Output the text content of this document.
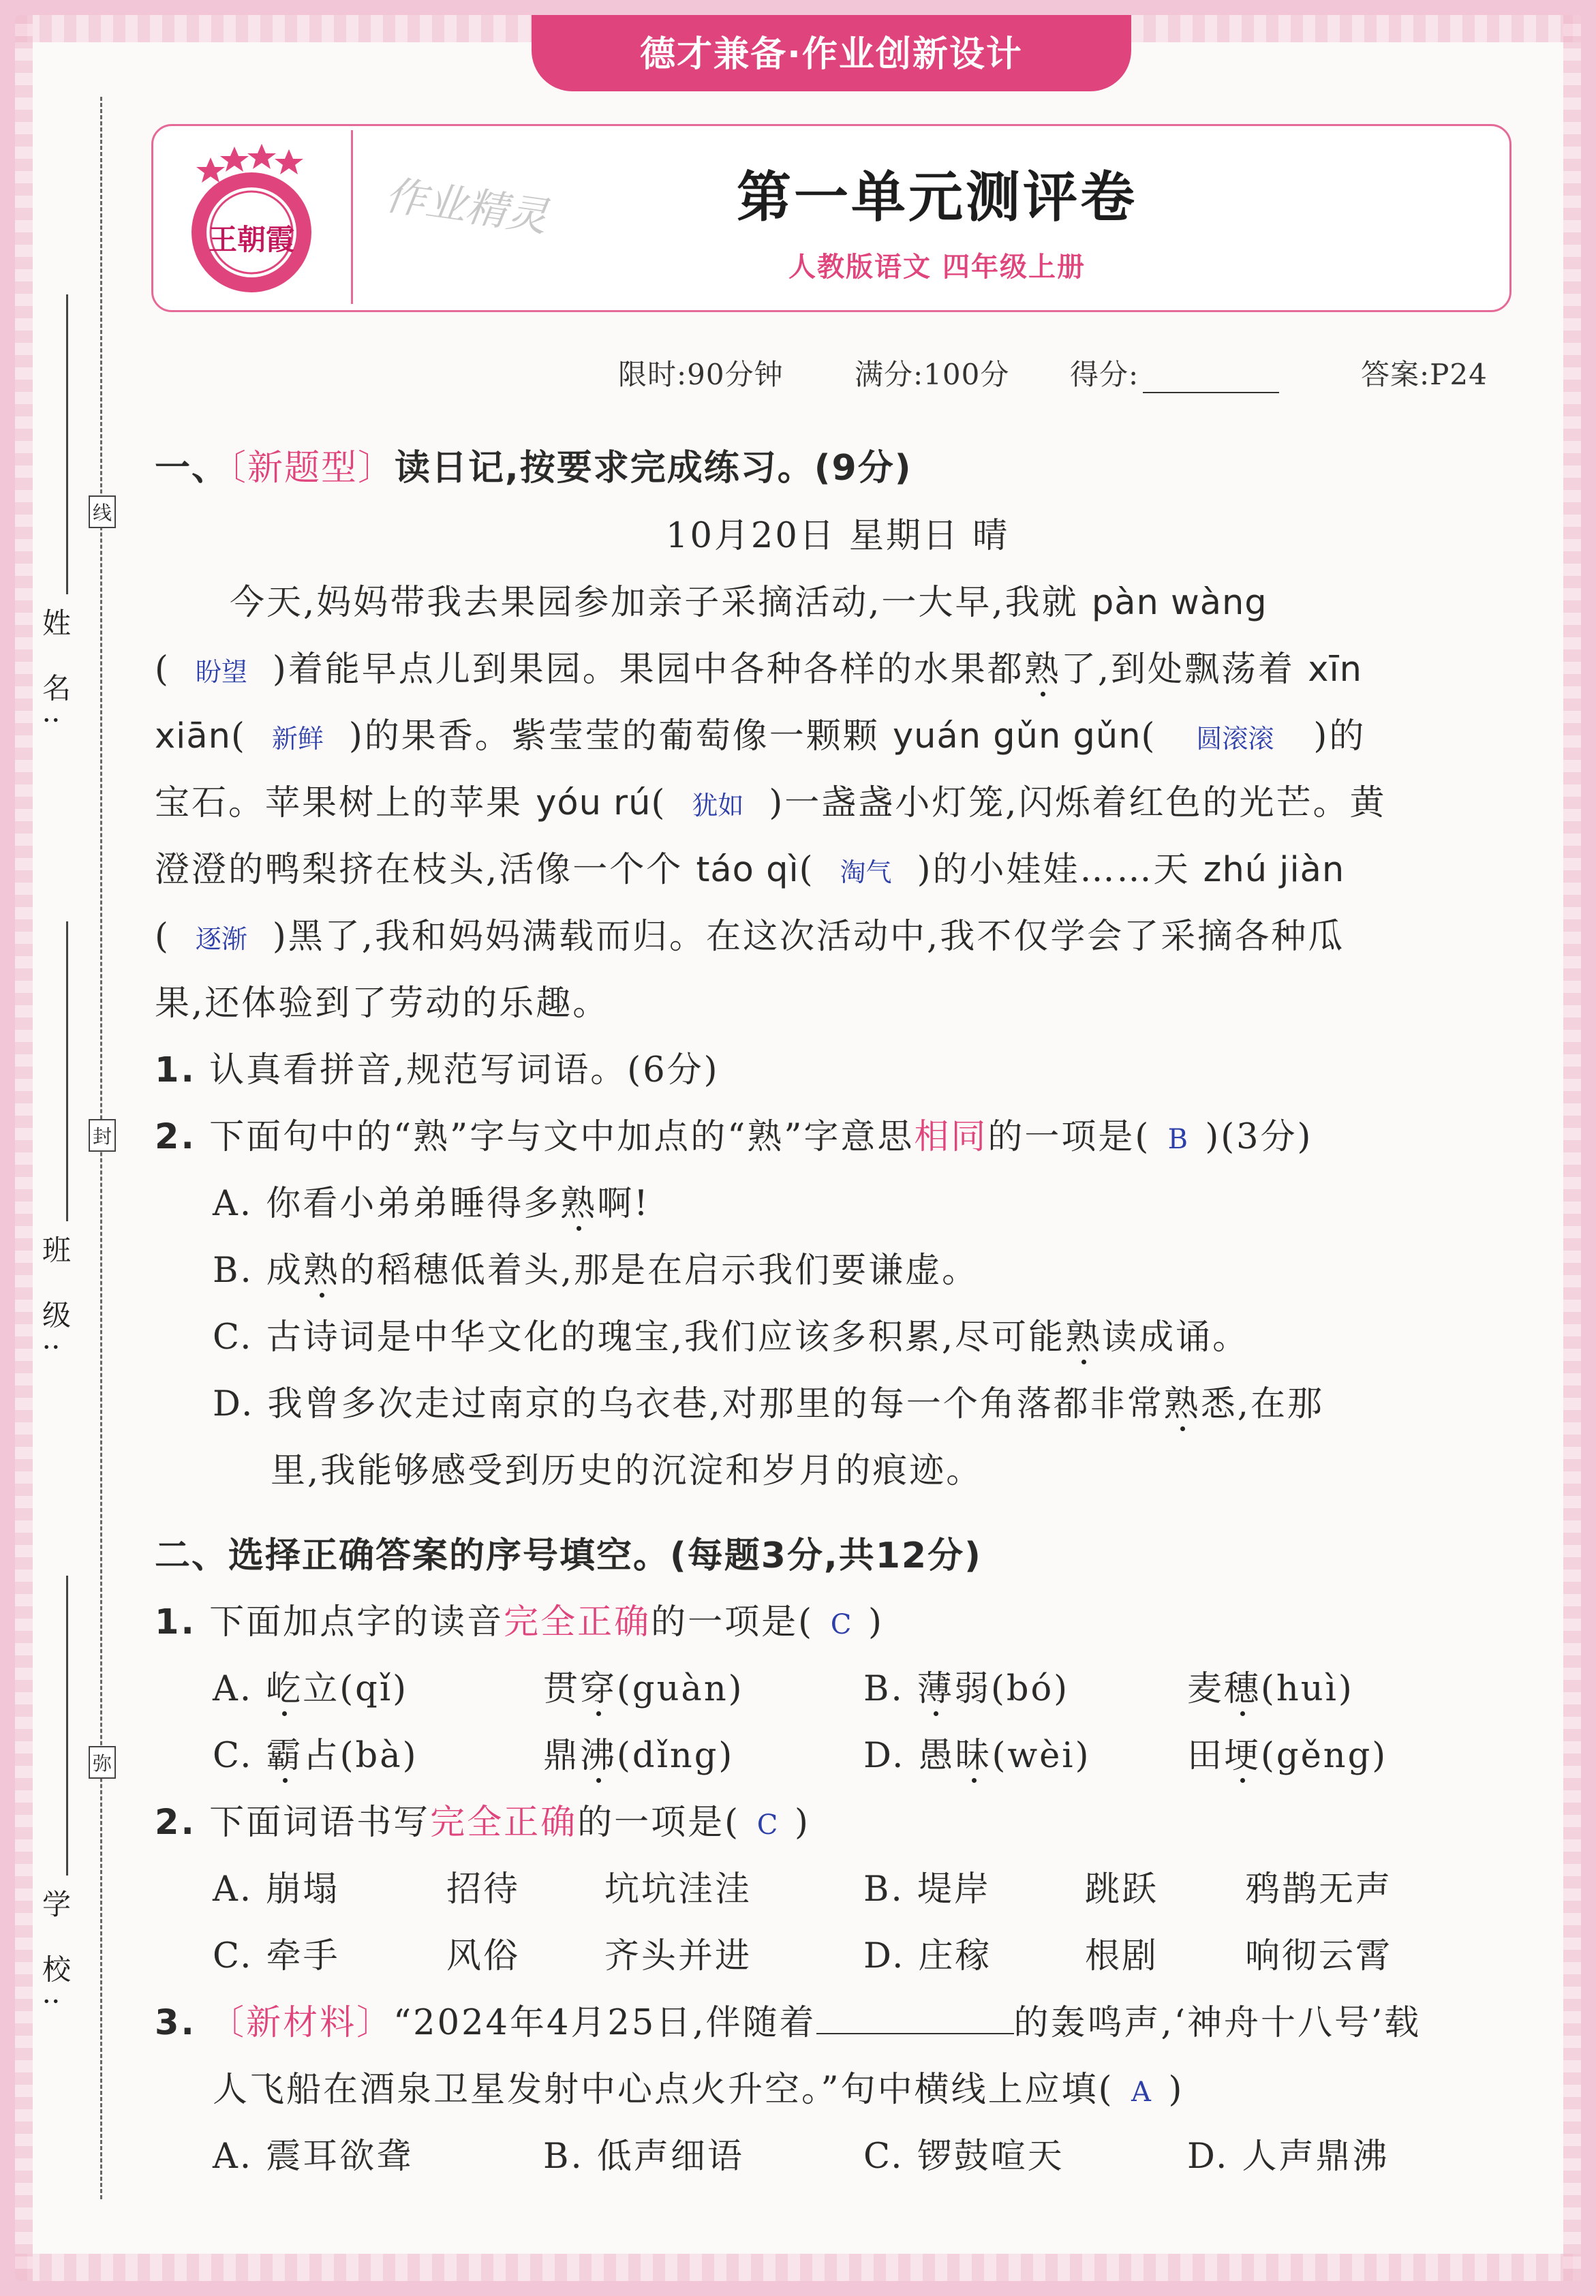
德才兼备·作业创新设计
线
封
弥
姓 名:
班 级:
学 校:
王朝霞 作业精灵	第一单元测评卷
人教版语文 四年级上册
限时:90分钟 满分:100分 得分:	答案:P24
一、〔新题型〕读日记,按要求完成练习。(9分)
10月20日 星期日 晴
今天,妈妈带我去果园参加亲子采摘活动,一大早,我就 pàn wàng
( 盼望 )着能早点儿到果园。果园中各种各样的水果都熟了,到处飘荡着 xīn
xiān( 新鲜 )的果香。紫莹莹的葡萄像一颗颗 yuán gǔn gǔn( 圆滚滚 )的
宝石。苹果树上的苹果 yóu rú( 犹如 )一盏盏小灯笼,闪烁着红色的光芒。黄
澄澄的鸭梨挤在枝头,活像一个个 táo qì( 淘气 )的小娃娃……天 zhú jiàn
( 逐渐 )黑了,我和妈妈满载而归。在这次活动中,我不仅学会了采摘各种瓜
果,还体验到了劳动的乐趣。
1. 认真看拼音,规范写词语。(6分)
2. 下面句中的“熟”字与文中加点的“熟”字意思相同的一项是( B )(3分)
A. 你看小弟弟睡得多熟啊!
B. 成熟的稻穗低着头,那是在启示我们要谦虚。
C. 古诗词是中华文化的瑰宝,我们应该多积累,尽可能熟读成诵。
D. 我曾多次走过南京的乌衣巷,对那里的每一个角落都非常熟悉,在那
里,我能够感受到历史的沉淀和岁月的痕迹。
二、选择正确答案的序号填空。(每题3分,共12分)
1. 下面加点字的读音完全正确的一项是( C )
A. 屹立(qǐ)	贯穿(guàn)	B. 薄弱(bó)	麦穗(huì)
C. 霸占(bà)	鼎沸(dǐng)	D. 愚昧(wèi)	田埂(gěng)
2. 下面词语书写完全正确的一项是( C )
A. 崩塌	招待 坑坑洼洼	B. 堤岸	跳跃 鸦鹊无声
C. 牵手	风俗 齐头并进	D. 庄稼	根剧 响彻云霄
3. 〔新材料〕“2024年4月25日,伴随着	的轰鸣声,‘神舟十八号’载
人飞船在酒泉卫星发射中心点火升空。”句中横线上应填( A )
A. 震耳欲聋	B. 低声细语	C. 锣鼓喧天	D. 人声鼎沸
